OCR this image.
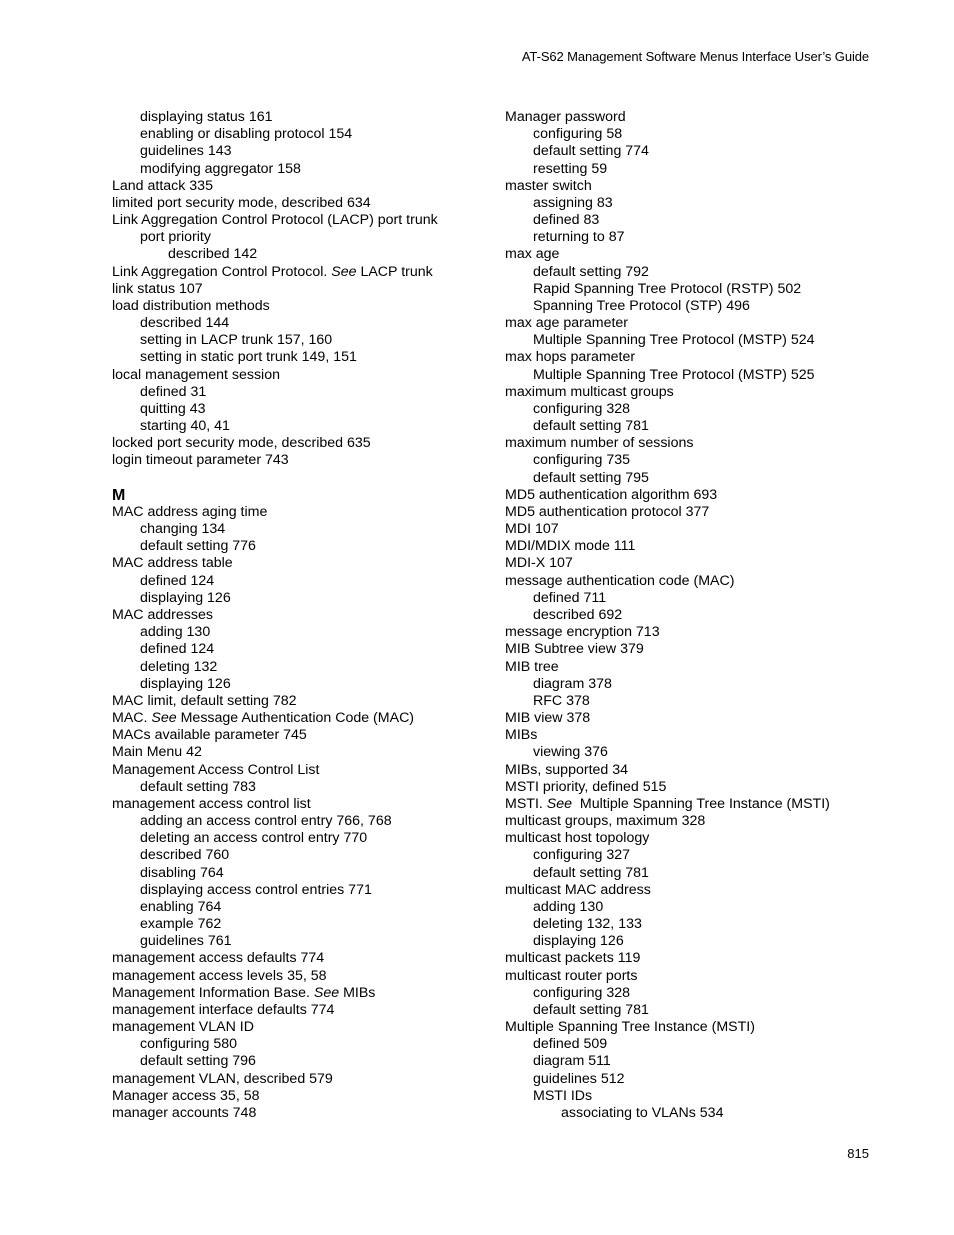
AT-S62 Management Software Menus Interface User’s Guide
displaying status 161
enabling or disabling protocol 154
guidelines 143
modifying aggregator 158
Land attack 335
limited port security mode, described 634
Link Aggregation Control Protocol (LACP) port trunk
port priority
described 142
Link Aggregation Control Protocol. See LACP trunk
link status 107
load distribution methods
described 144
setting in LACP trunk 157, 160
setting in static port trunk 149, 151
local management session
defined 31
quitting 43
starting 40, 41
locked port security mode, described 635
login timeout parameter 743
M
MAC address aging time
changing 134
default setting 776
MAC address table
defined 124
displaying 126
MAC addresses
adding 130
defined 124
deleting 132
displaying 126
MAC limit, default setting 782
MAC. See Message Authentication Code (MAC)
MACs available parameter 745
Main Menu 42
Management Access Control List
default setting 783
management access control list
adding an access control entry 766, 768
deleting an access control entry 770
described 760
disabling 764
displaying access control entries 771
enabling 764
example 762
guidelines 761
management access defaults 774
management access levels 35, 58
Management Information Base. See MIBs
management interface defaults 774
management VLAN ID
configuring 580
default setting 796
management VLAN, described 579
Manager access 35, 58
manager accounts 748
Manager password
configuring 58
default setting 774
resetting 59
master switch
assigning 83
defined 83
returning to 87
max age
default setting 792
Rapid Spanning Tree Protocol (RSTP) 502
Spanning Tree Protocol (STP) 496
max age parameter
Multiple Spanning Tree Protocol (MSTP) 524
max hops parameter
Multiple Spanning Tree Protocol (MSTP) 525
maximum multicast groups
configuring 328
default setting 781
maximum number of sessions
configuring 735
default setting 795
MD5 authentication algorithm 693
MD5 authentication protocol 377
MDI 107
MDI/MDIX mode 111
MDI-X 107
message authentication code (MAC)
defined 711
described 692
message encryption 713
MIB Subtree view 379
MIB tree
diagram 378
RFC 378
MIB view 378
MIBs
viewing 376
MIBs, supported 34
MSTI priority, defined 515
MSTI. See  Multiple Spanning Tree Instance (MSTI)
multicast groups, maximum 328
multicast host topology
configuring 327
default setting 781
multicast MAC address
adding 130
deleting 132, 133
displaying 126
multicast packets 119
multicast router ports
configuring 328
default setting 781
Multiple Spanning Tree Instance (MSTI)
defined 509
diagram 511
guidelines 512
MSTI IDs
associating to VLANs 534
815
